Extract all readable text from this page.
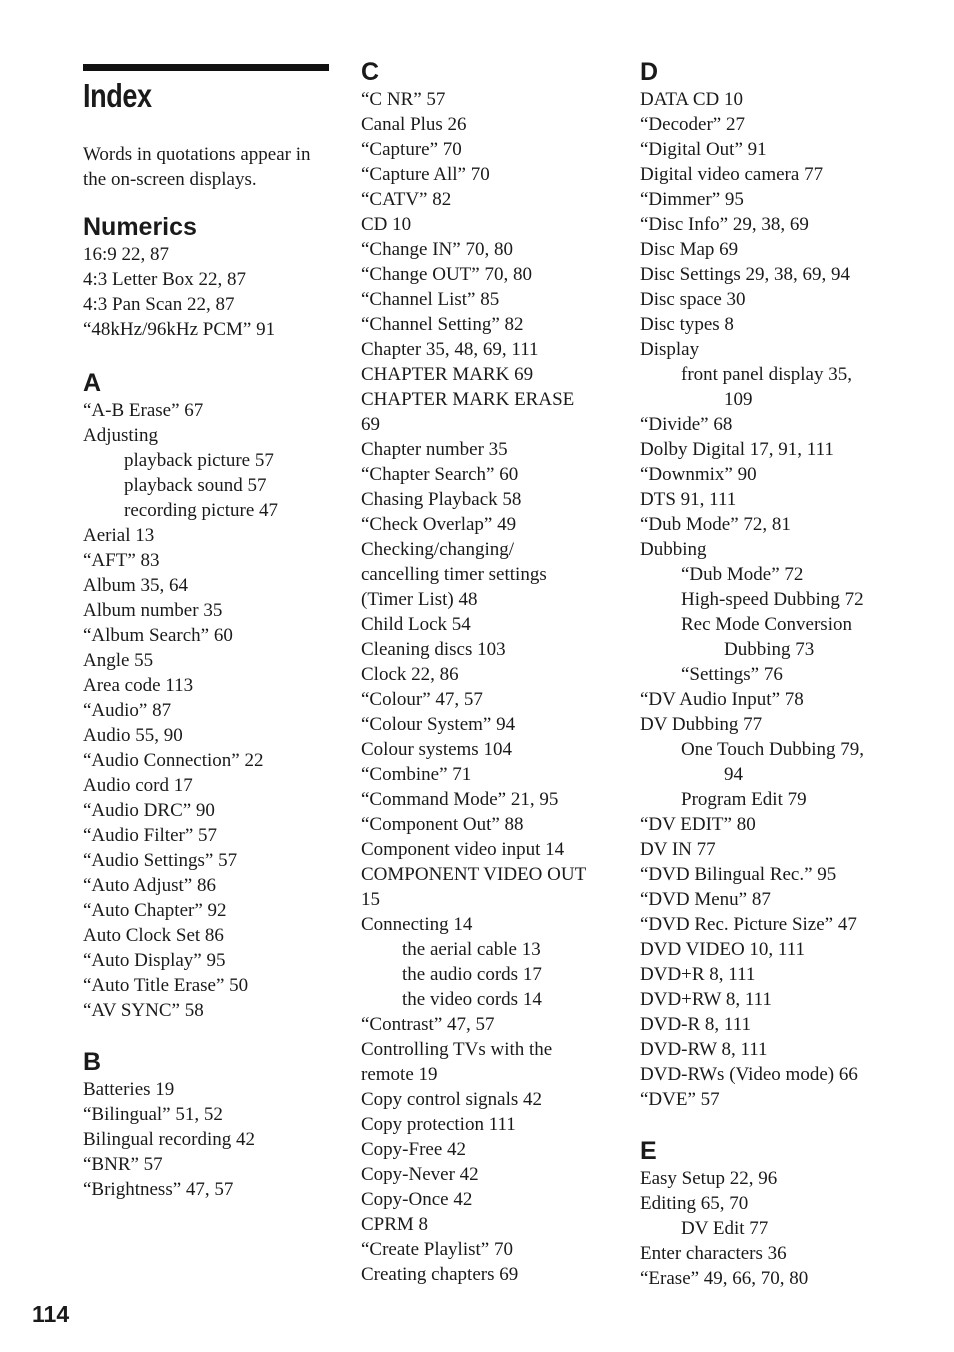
Index

Words in quotations appear in
the on-screen displays.

Numerics
16:9 22, 87
4:3 Letter Box 22, 87
4:3 Pan Scan 22, 87
“48kHz/96kHz PCM” 91
A
“A-B Erase” 67
Adjusting
playback picture 57
playback sound 57
recording picture 47
Aerial 13
“AFT” 83
Album 35, 64
Album number 35
“Album Search” 60
Angle 55
Area code 113
“Audio” 87
Audio 55, 90
“Audio Connection” 22
Audio cord 17
“Audio DRC” 90
“Audio Filter” 57
“Audio Settings” 57
“Auto Adjust” 86
“Auto Chapter” 92
Auto Clock Set 86
“Auto Display” 95
“Auto Title Erase” 50
“AV SYNC” 58
B
Batteries 19
“Bilingual” 51, 52
Bilingual recording 42
“BNR” 57
“Brightness” 47, 57
C
“C NR” 57
Canal Plus 26
“Capture” 70
“Capture All” 70
“CATV” 82
CD 10
“Change IN” 70, 80
“Change OUT” 70, 80
“Channel List” 85
“Channel Setting” 82
Chapter 35, 48, 69, 111
CHAPTER MARK 69
CHAPTER MARK ERASE
69
Chapter number 35
“Chapter Search” 60
Chasing Playback 58
“Check Overlap” 49
Checking/changing/
cancelling timer settings
(Timer List) 48
Child Lock 54
Cleaning discs 103
Clock 22, 86
“Colour” 47, 57
“Colour System” 94
Colour systems 104
“Combine” 71
“Command Mode” 21, 95
“Component Out” 88
Component video input 14
COMPONENT VIDEO OUT
15
Connecting 14
the aerial cable 13
the audio cords 17
the video cords 14
“Contrast” 47, 57
Controlling TVs with the
remote 19
Copy control signals 42
Copy protection 111
Copy-Free 42
Copy-Never 42
Copy-Once 42
CPRM 8
“Create Playlist” 70
Creating chapters 69
D
DATA CD 10
“Decoder” 27
“Digital Out” 91
Digital video camera 77
“Dimmer” 95
“Disc Info” 29, 38, 69
Disc Map 69
Disc Settings 29, 38, 69, 94
Disc space 30
Disc types 8
Display
front panel display 35,
109
“Divide” 68
Dolby Digital 17, 91, 111
“Downmix” 90
DTS 91, 111
“Dub Mode” 72, 81
Dubbing
“Dub Mode” 72
High-speed Dubbing 72
Rec Mode Conversion
Dubbing 73
“Settings” 76
“DV Audio Input” 78
DV Dubbing 77
One Touch Dubbing 79,
94
Program Edit 79
“DV EDIT” 80
DV IN 77
“DVD Bilingual Rec.” 95
“DVD Menu” 87
“DVD Rec. Picture Size” 47
DVD VIDEO 10, 111
DVD+R 8, 111
DVD+RW 8, 111
DVD-R 8, 111
DVD-RW 8, 111
DVD-RWs (Video mode) 66
“DVE” 57
E
Easy Setup 22, 96
Editing 65, 70
DV Edit 77
Enter characters 36
“Erase” 49, 66, 70, 80

114
